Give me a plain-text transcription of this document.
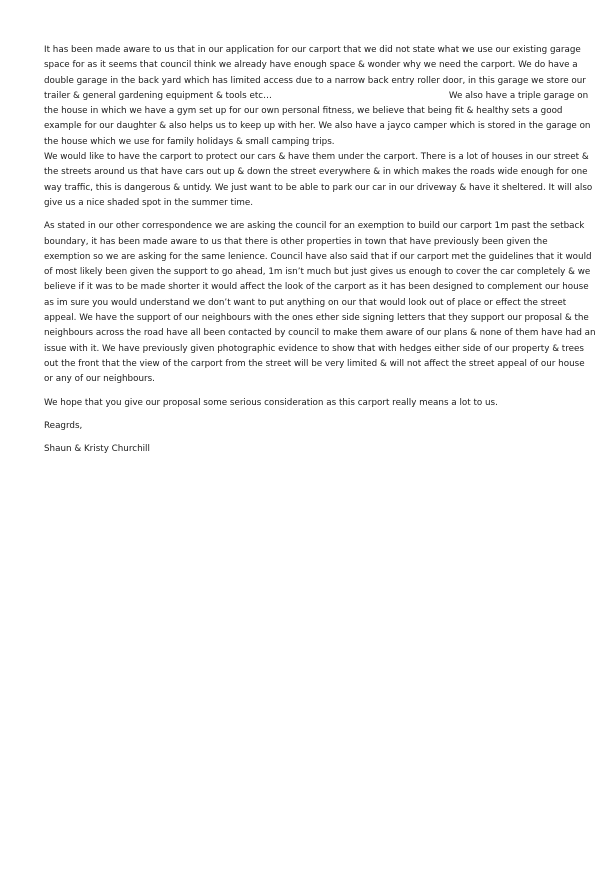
It has been made aware to us that in our application for our carport that we did not state what we use our existing garage
space for as it seems that council think we already have enough space & wonder why we need the carport. We do have a
double garage in the back yard which has limited access due to a narrow back entry roller door, in this garage we store our
trailer & general gardening equipment & tools etc…	We also have a triple garage on
the house in which we have a gym set up for our own personal fitness, we believe that being fit & healthy sets a good
example for our daughter & also helps us to keep up with her. We also have a jayco camper which is stored in the garage on
the house which we use for family holidays & small camping trips.

We would like to have the carport to protect our cars & have them under the carport. There is a lot of houses in our street &
the streets around us that have cars out up & down the street everywhere & in which makes the roads wide enough for one
way traffic, this is dangerous & untidy. We just want to be able to park our car in our driveway & have it sheltered. It will also
give us a nice shaded spot in the summer time.

As stated in our other correspondence we are asking the council for an exemption to build our carport 1m past the setback
boundary, it has been made aware to us that there is other properties in town that have previously been given the
exemption so we are asking for the same lenience. Council have also said that if our carport met the guidelines that it would
of most likely been given the support to go ahead, 1m isn’t much but just gives us enough to cover the car completely & we
believe if it was to be made shorter it would affect the look of the carport as it has been designed to complement our house
as im sure you would understand we don’t want to put anything on our that would look out of place or effect the street
appeal. We have the support of our neighbours with the ones ether side signing letters that they support our proposal & the
neighbours across the road have all been contacted by council to make them aware of our plans & none of them have had an
issue with it. We have previously given photographic evidence to show that with hedges either side of our property & trees
out the front that the view of the carport from the street will be very limited & will not affect the street appeal of our house
or any of our neighbours.

We hope that you give our proposal some serious consideration as this carport really means a lot to us.

Reagrds,

Shaun & Kristy Churchill
